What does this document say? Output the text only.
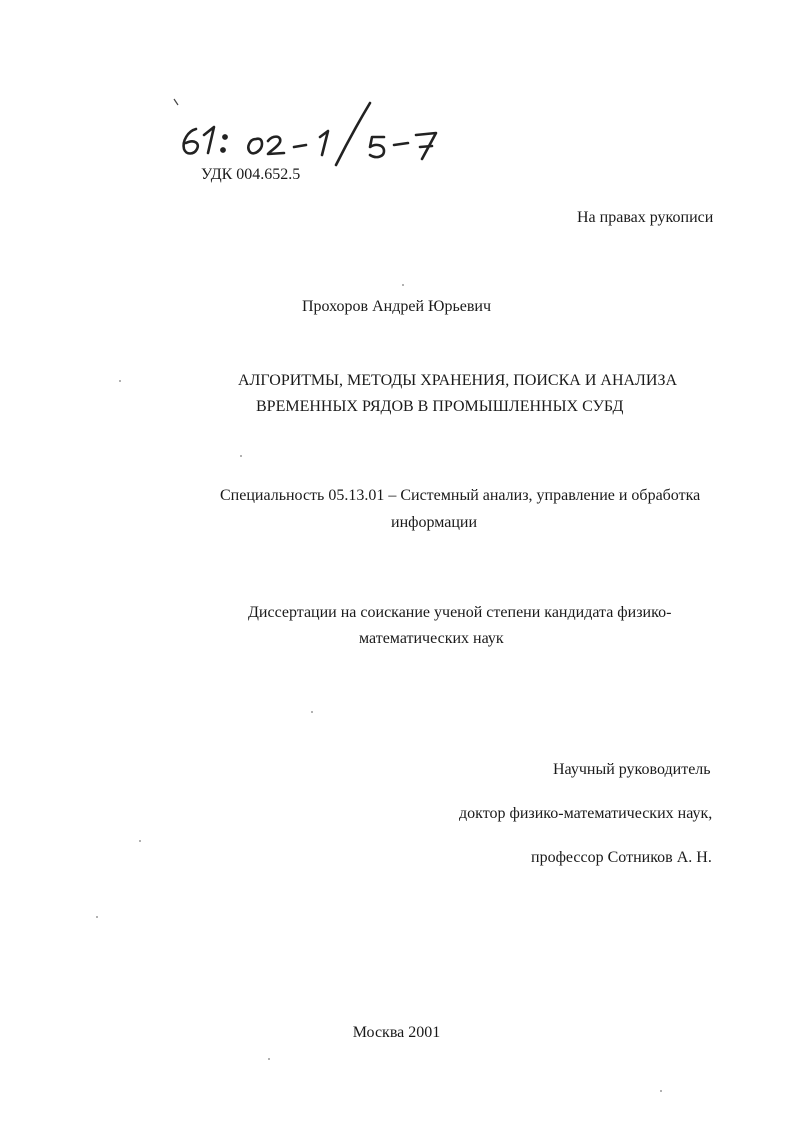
УДК 004.652.5
На правах рукописи
Прохоров Андрей Юрьевич
АЛГОРИТМЫ, МЕТОДЫ ХРАНЕНИЯ, ПОИСКА И АНАЛИЗА
ВРЕМЕННЫХ РЯДОВ В ПРОМЫШЛЕННЫХ СУБД
Специальность 05.13.01 – Системный анализ, управление и обработка
информации
Диссертации на соискание ученой степени кандидата физико-
математических наук
Научный руководитель
доктор физико-математических наук,
профессор Сотников А. Н.
Москва 2001
